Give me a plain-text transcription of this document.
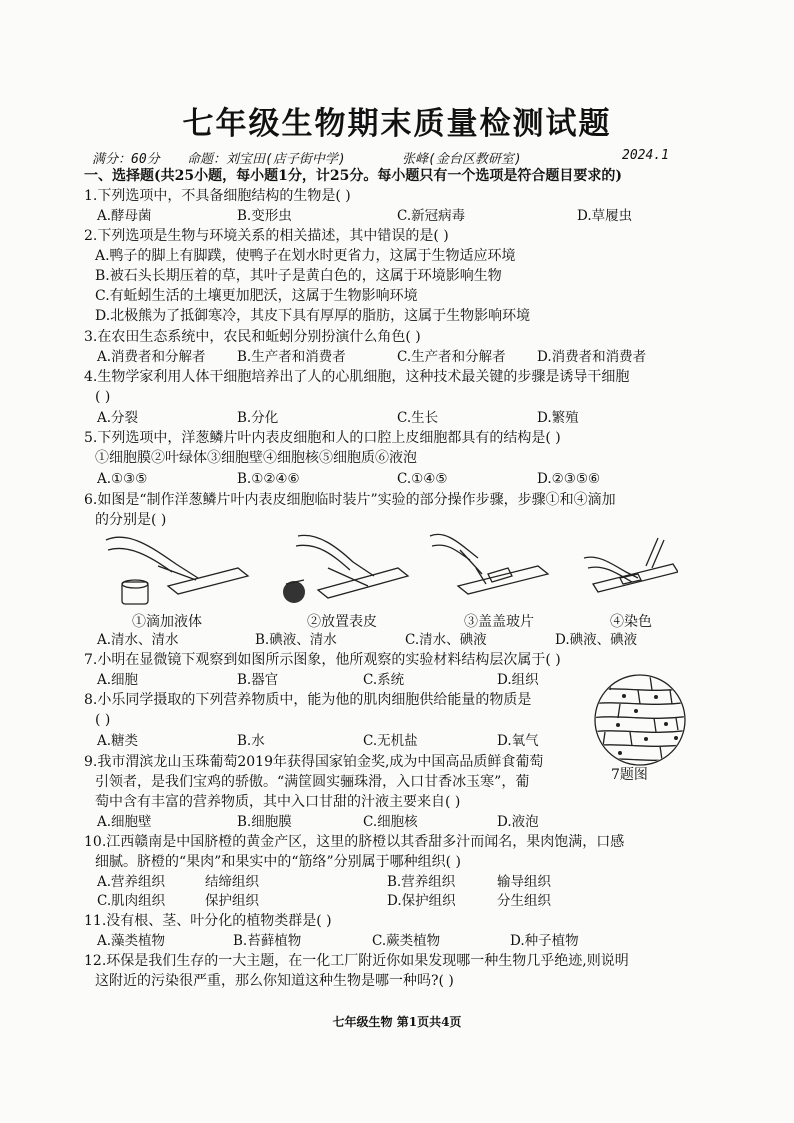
七年级生物期末质量检测试题
满分：60分 命题：刘宝田(店子街中学)	张峰(金台区教研室)	2024.1
一、选择题(共25小题，每小题1分，计25分。每小题只有一个选项是符合题目要求的)
1.下列选项中，不具备细胞结构的生物是( )
A.酵母菌	B.变形虫	C.新冠病毒	D.草履虫
2.下列选项是生物与环境关系的相关描述，其中错误的是( )
A.鸭子的脚上有脚蹼，使鸭子在划水时更省力，这属于生物适应环境
B.被石头长期压着的草，其叶子是黄白色的，这属于环境影响生物
C.有蚯蚓生活的土壤更加肥沃，这属于生物影响环境
D.北极熊为了抵御寒冷，其皮下具有厚厚的脂肪，这属于生物影响环境
3.在农田生态系统中，农民和蚯蚓分别扮演什么角色( )
A.消费者和分解者 B.生产者和消费者	C.生产者和分解者 D.消费者和消费者
4.生物学家利用人体干细胞培养出了人的心肌细胞，这种技术最关键的步骤是诱导干细胞
( )
A.分裂	B.分化	C.生长	D.繁殖
5.下列选项中，洋葱鳞片叶内表皮细胞和人的口腔上皮细胞都具有的结构是( )
①细胞膜②叶绿体③细胞壁④细胞核⑤细胞质⑥液泡
A.①③⑤	B.①②④⑥	C.①④⑤	D.②③⑤⑥
6.如图是“制作洋葱鳞片叶内表皮细胞临时装片”实验的部分操作步骤，步骤①和④滴加
的分别是( )
①滴加液体	②放置表皮	③盖盖玻片	④染色
A.清水、清水	B.碘液、清水	C.清水、碘液	D.碘液、碘液
7.小明在显微镜下观察到如图所示图象，他所观察的实验材料结构层次属于( )
A.细胞	B.器官	C.系统	D.组织
8.小乐同学摄取的下列营养物质中，能为他的肌肉细胞供给能量的物质是
( )
A.糖类	B.水	C.无机盐	D.氧气
9.我市渭滨龙山玉珠葡萄2019年获得国家铂金奖,成为中国高品质鲜食葡萄
7题图
引领者，是我们宝鸡的骄傲。“满筐圆实骊珠滑，入口甘香冰玉寒”，葡
萄中含有丰富的营养物质，其中入口甘甜的汁液主要来自( )
A.细胞壁	B.细胞膜	C.细胞核	D.液泡
10.江西赣南是中国脐橙的黄金产区，这里的脐橙以其香甜多汁而闻名，果肉饱满，口感
细腻。脐橙的“果肉”和果实中的“筋络”分别属于哪种组织( )
A.营养组织	结缔组织	B.营养组织	输导组织
C.肌肉组织	保护组织	D.保护组织	分生组织
11.没有根、茎、叶分化的植物类群是( )
A.藻类植物	B.苔藓植物	C.蕨类植物	D.种子植物
12.环保是我们生存的一大主题，在一化工厂附近你如果发现哪一种生物几乎绝迹,则说明
这附近的污染很严重，那么你知道这种生物是哪一种吗?( )
七年级生物 第1页共4页
